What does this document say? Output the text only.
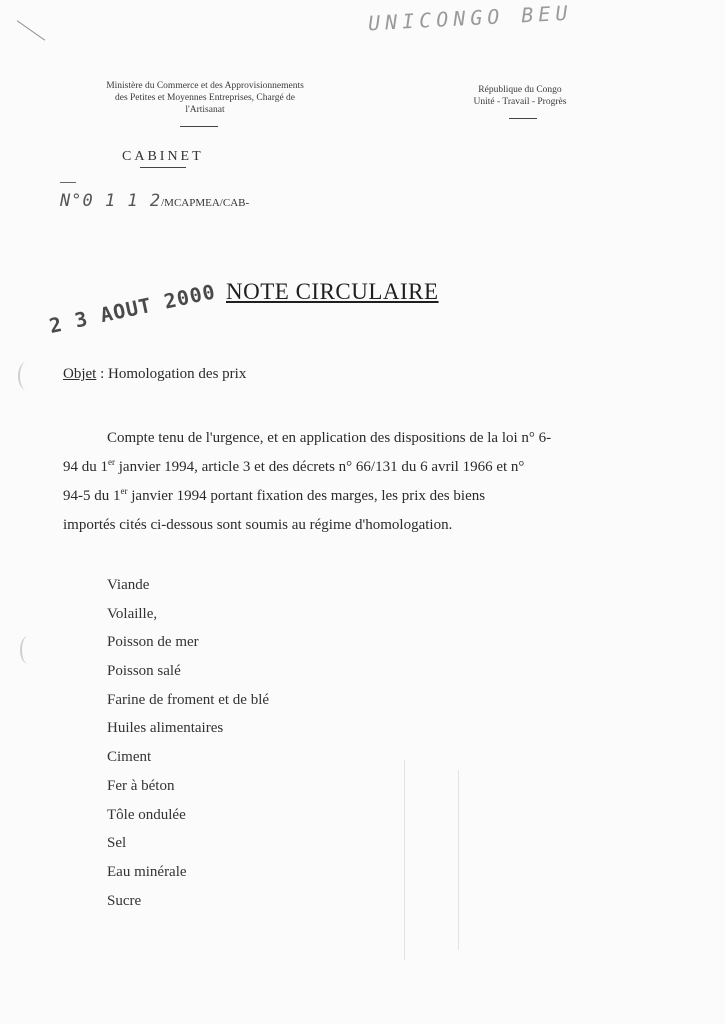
UNICONGO BEU
Ministère du Commerce et des Approvisionnements
des Petites et Moyennes Entreprises, Chargé de
l'Artisanat
République du Congo
Unité - Travail - Progrès
CABINET
N°0 1 1 2/MCAPMEA/CAB-
NOTE CIRCULAIRE
2 3 AOUT 2000
Objet : Homologation des prix
Compte tenu de l'urgence, et en application des dispositions de la loi n° 6-
94 du 1er janvier 1994, article 3 et des décrets n° 66/131 du 6 avril 1966 et n°
94-5 du 1er janvier 1994 portant fixation des marges, les prix des biens
importés cités ci-dessous sont soumis au régime d'homologation.
Viande
Volaille,
Poisson de mer
Poisson salé
Farine de froment et de blé
Huiles alimentaires
Ciment
Fer à béton
Tôle ondulée
Sel
Eau minérale
Sucre
